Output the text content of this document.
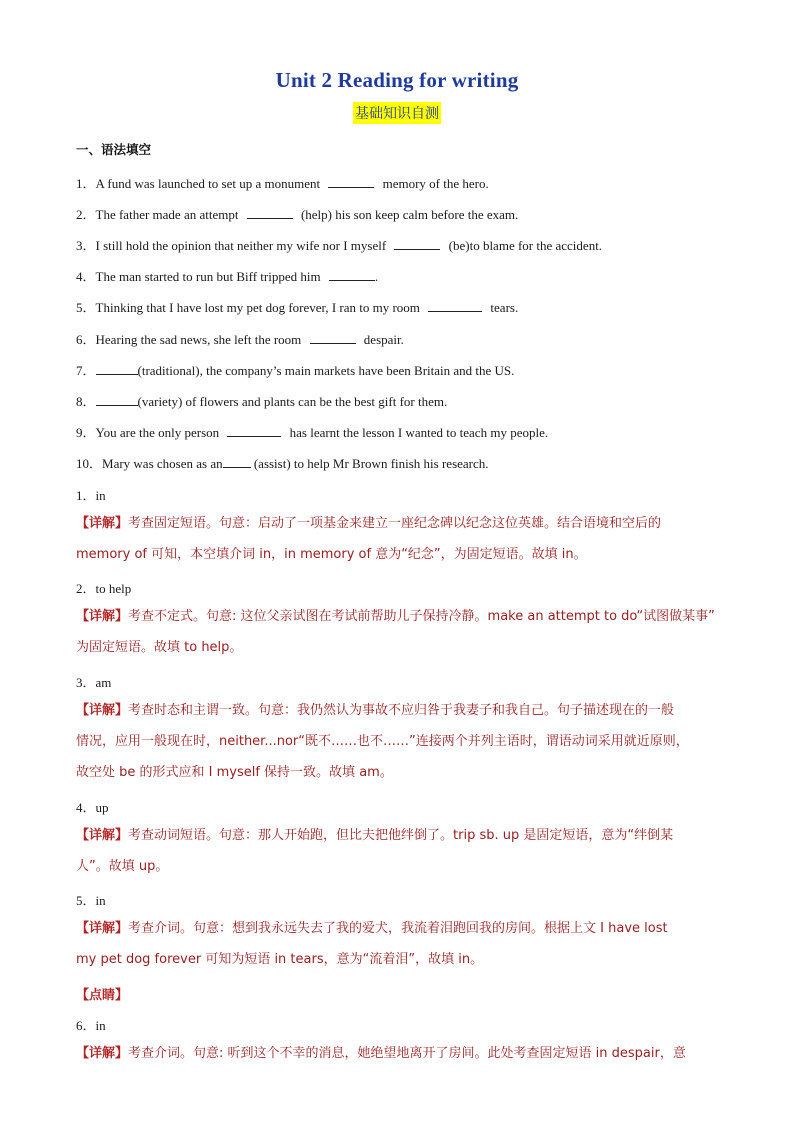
Unit 2 Reading for writing
基础知识自测
一、语法填空
1．A fund was launched to set up a monument	memory of the hero.
2．The father made an attempt	(help) his son keep calm before the exam.
3．I still hold the opinion that neither my wife nor I myself	(be)to blame for the accident.
4．The man started to run but Biff tripped him	.
5．Thinking that I have lost my pet dog forever, I ran to my room	tears.
6．Hearing the sad news, she left the room	despair.
7．	(traditional), the company’s main markets have been Britain and the US.
8．	(variety) of flowers and plants can be the best gift for them.
9．You are the only person	has learnt the lesson I wanted to teach my people.
10．Mary was chosen as an (assist) to help Mr Brown finish his research.
1．in
【详解】考查固定短语。句意：启动了一项基金来建立一座纪念碑以纪念这位英雄。结合语境和空后的
memory of 可知，本空填介词 in，in memory of 意为“纪念”，为固定短语。故填 in。
2．to help
【详解】考查不定式。句意: 这位父亲试图在考试前帮助儿子保持冷静。make an attempt to do“试图做某事”
为固定短语。故填 to help。
3．am
【详解】考查时态和主谓一致。句意：我仍然认为事故不应归咎于我妻子和我自己。句子描述现在的一般
情况，应用一般现在时，neither...nor“既不……也不……”连接两个并列主语时，谓语动词采用就近原则，
故空处 be 的形式应和 I myself 保持一致。故填 am。
4．up
【详解】考查动词短语。句意：那人开始跑，但比夫把他绊倒了。trip sb. up 是固定短语，意为“绊倒某
人”。故填 up。
5．in
【详解】考查介词。句意：想到我永远失去了我的爱犬，我流着泪跑回我的房间。根据上文 I have lost
my pet dog forever 可知为短语 in tears，意为“流着泪”，故填 in。
【点睛】
6．in
【详解】考查介词。句意: 听到这个不幸的消息，她绝望地离开了房间。此处考查固定短语 in despair，意
